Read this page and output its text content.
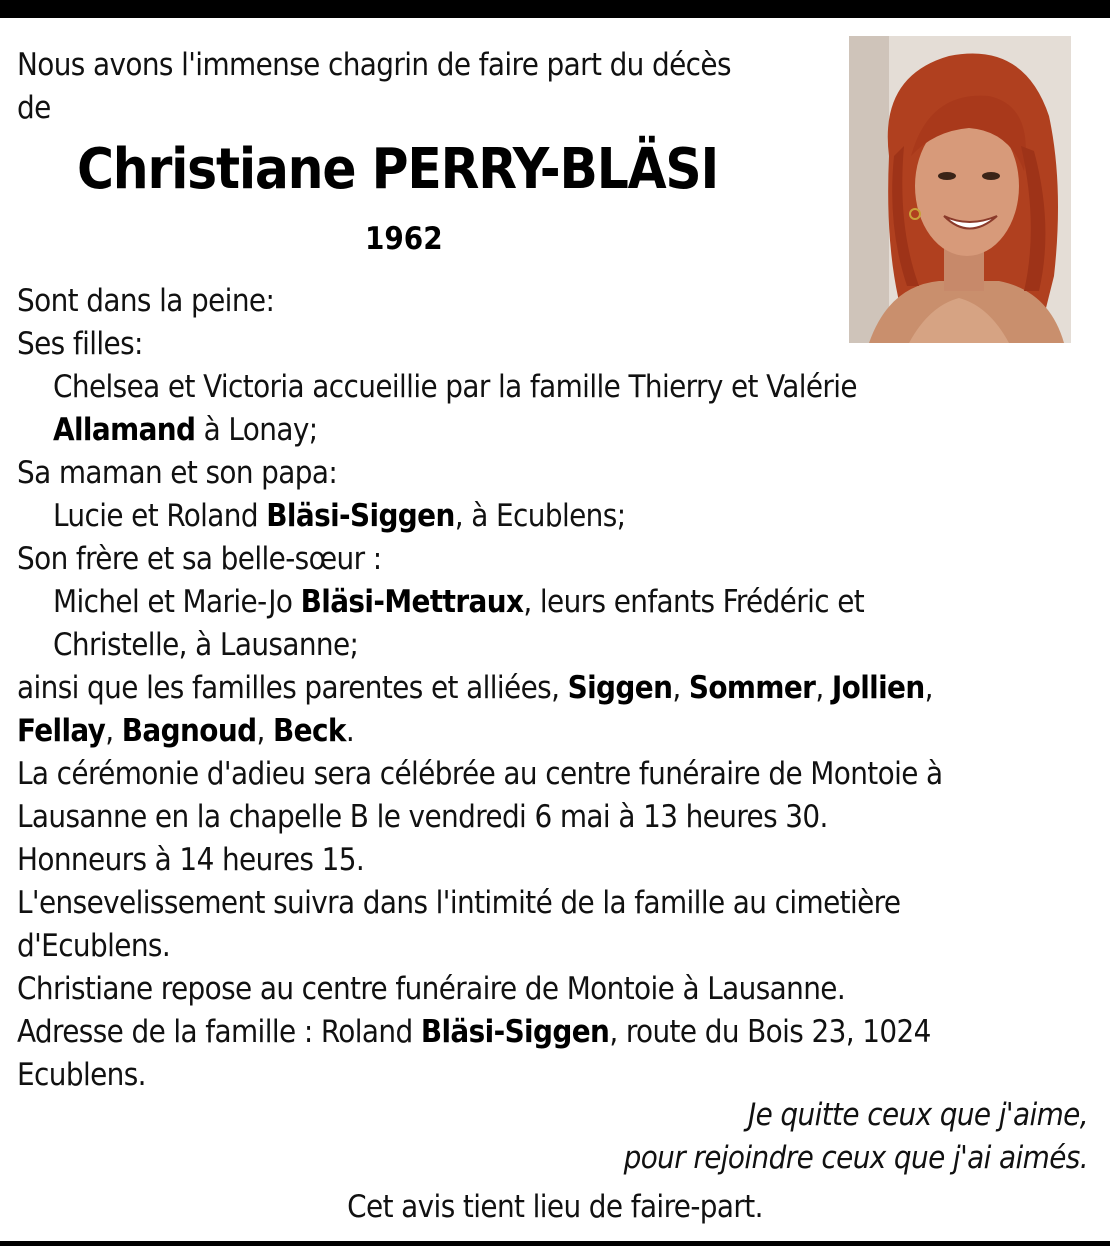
Nous avons l'immense chagrin de faire part du décès
de
Christiane PERRY-BLÄSI
1962
Sont dans la peine:
Ses filles:
Chelsea et Victoria accueillie par la famille Thierry et Valérie
Allamand à Lonay;
Sa maman et son papa:
Lucie et Roland Bläsi-Siggen, à Ecublens;
Son frère et sa belle-sœur :
Michel et Marie-Jo Bläsi-Mettraux, leurs enfants Frédéric et
Christelle, à Lausanne;
ainsi que les familles parentes et alliées, Siggen, Sommer, Jollien,
Fellay, Bagnoud, Beck.
La cérémonie d'adieu sera célébrée au centre funéraire de Montoie à
Lausanne en la chapelle B le vendredi 6 mai à 13 heures 30.
Honneurs à 14 heures 15.
L'ensevelissement suivra dans l'intimité de la famille au cimetière
d'Ecublens.
Christiane repose au centre funéraire de Montoie à Lausanne.
Adresse de la famille : Roland Bläsi-Siggen, route du Bois 23, 1024
Ecublens.
Je quitte ceux que j'aime,
pour rejoindre ceux que j'ai aimés.
Cet avis tient lieu de faire-part.
